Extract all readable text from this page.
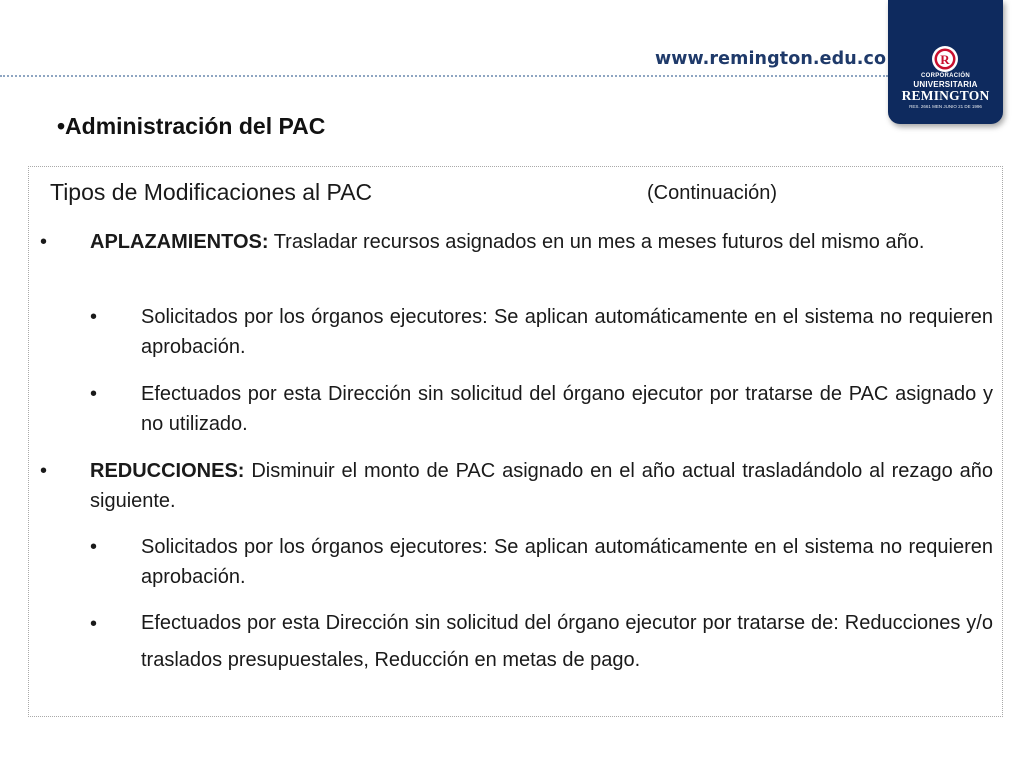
www.remington.edu.co	R
CORPORACIÓN
UNIVERSITARIA
REMINGTON
RES. 2661 MEN JUNIO 21 DE 1996
•Administración del PAC
Tipos de Modificaciones al PAC	(Continuación)
• APLAZAMIENTOS: Trasladar recursos asignados en un mes a meses futuros del mismo año.
• Solicitados por los órganos ejecutores: Se aplican automáticamente en el sistema no requieren aprobación.
• Efectuados por esta Dirección sin solicitud del órgano ejecutor por tratarse de PAC asignado y no utilizado.
• REDUCCIONES: Disminuir el monto de PAC asignado en el año actual trasladándolo al rezago año siguiente.
• Solicitados por los órganos ejecutores: Se aplican automáticamente en el sistema no requieren aprobación.
• Efectuados por esta Dirección sin solicitud del órgano ejecutor por tratarse de: Reducciones y/o traslados presupuestales, Reducción en metas de pago.
